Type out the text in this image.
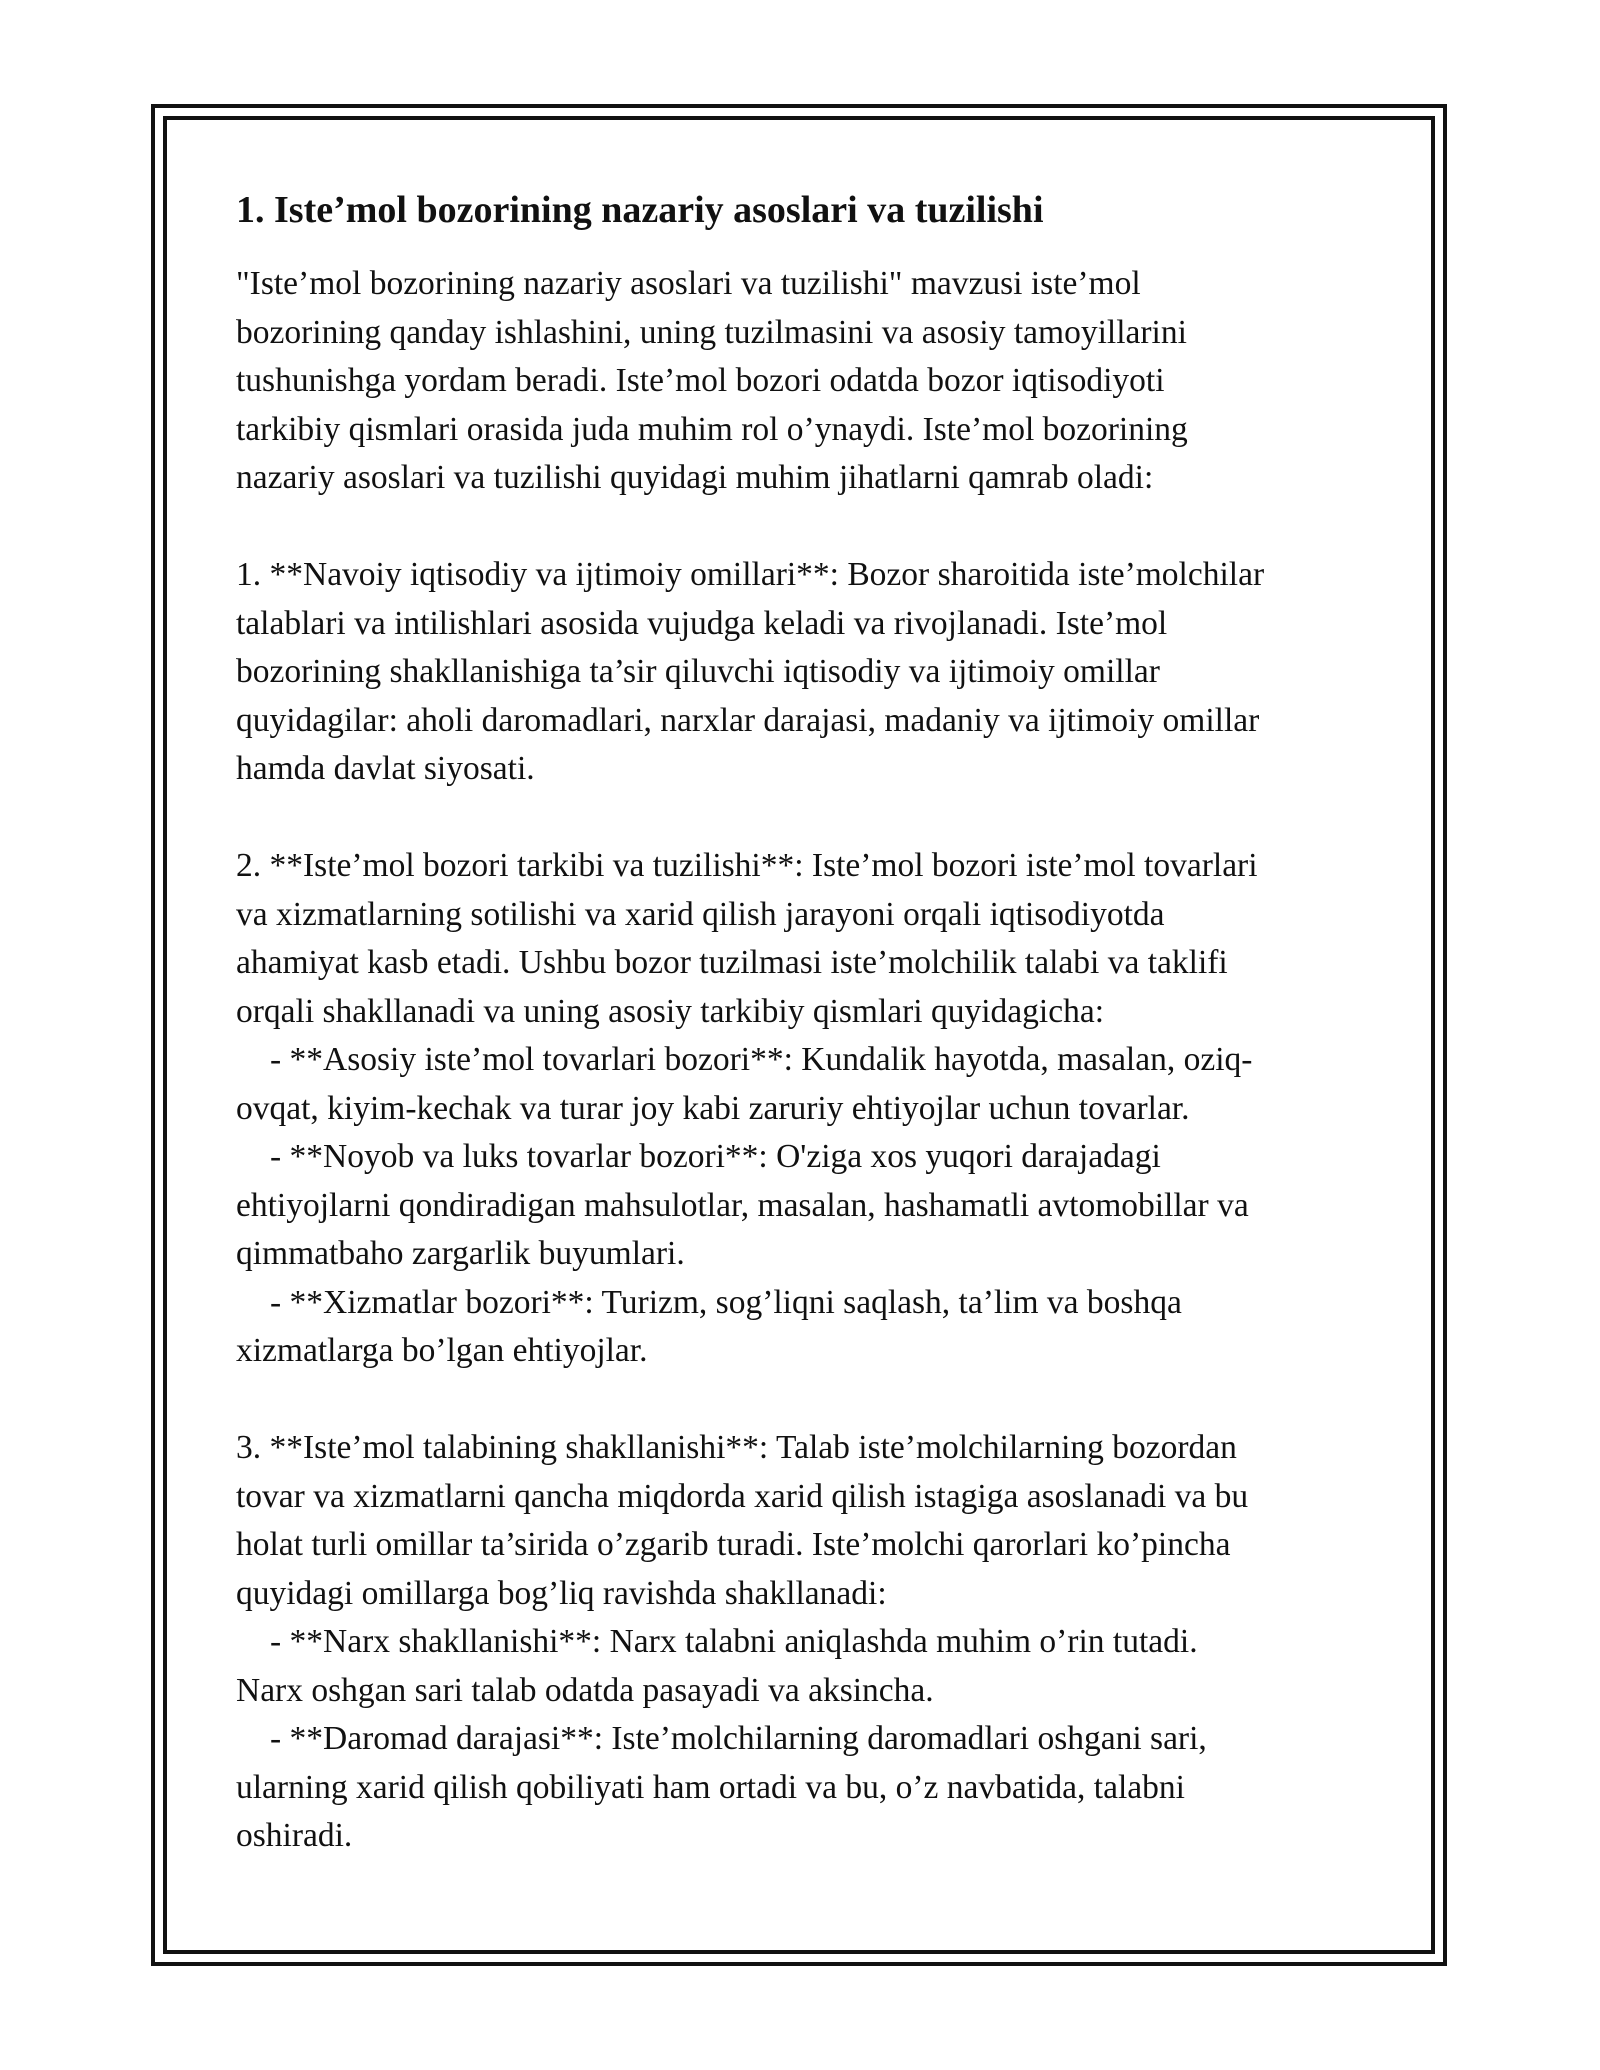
1. Iste’mol bozorining nazariy asoslari va tuzilishi

"Iste’mol bozorining nazariy asoslari va tuzilishi" mavzusi iste’mol

bozorining qanday ishlashini, uning tuzilmasini va asosiy tamoyillarini

tushunishga yordam beradi. Iste’mol bozori odatda bozor iqtisodiyoti

tarkibiy qismlari orasida juda muhim rol o’ynaydi. Iste’mol bozorining

nazariy asoslari va tuzilishi quyidagi muhim jihatlarni qamrab oladi:

1. **Navoiy iqtisodiy va ijtimoiy omillari**: Bozor sharoitida iste’molchilar

talablari va intilishlari asosida vujudga keladi va rivojlanadi. Iste’mol

bozorining shakllanishiga ta’sir qiluvchi iqtisodiy va ijtimoiy omillar

quyidagilar: aholi daromadlari, narxlar darajasi, madaniy va ijtimoiy omillar

hamda davlat siyosati.

2. **Iste’mol bozori tarkibi va tuzilishi**: Iste’mol bozori iste’mol tovarlari

va xizmatlarning sotilishi va xarid qilish jarayoni orqali iqtisodiyotda

ahamiyat kasb etadi. Ushbu bozor tuzilmasi iste’molchilik talabi va taklifi

orqali shakllanadi va uning asosiy tarkibiy qismlari quyidagicha:

- **Asosiy iste’mol tovarlari bozori**: Kundalik hayotda, masalan, oziq-

ovqat, kiyim-kechak va turar joy kabi zaruriy ehtiyojlar uchun tovarlar.

- **Noyob va luks tovarlar bozori**: O'ziga xos yuqori darajadagi

ehtiyojlarni qondiradigan mahsulotlar, masalan, hashamatli avtomobillar va

qimmatbaho zargarlik buyumlari.

- **Xizmatlar bozori**: Turizm, sog’liqni saqlash, ta’lim va boshqa

xizmatlarga bo’lgan ehtiyojlar.

3. **Iste’mol talabining shakllanishi**: Talab iste’molchilarning bozordan

tovar va xizmatlarni qancha miqdorda xarid qilish istagiga asoslanadi va bu

holat turli omillar ta’sirida o’zgarib turadi. Iste’molchi qarorlari ko’pincha

quyidagi omillarga bog’liq ravishda shakllanadi:

- **Narx shakllanishi**: Narx talabni aniqlashda muhim o’rin tutadi.

Narx oshgan sari talab odatda pasayadi va aksincha.

- **Daromad darajasi**: Iste’molchilarning daromadlari oshgani sari,

ularning xarid qilish qobiliyati ham ortadi va bu, o’z navbatida, talabni

oshiradi.
